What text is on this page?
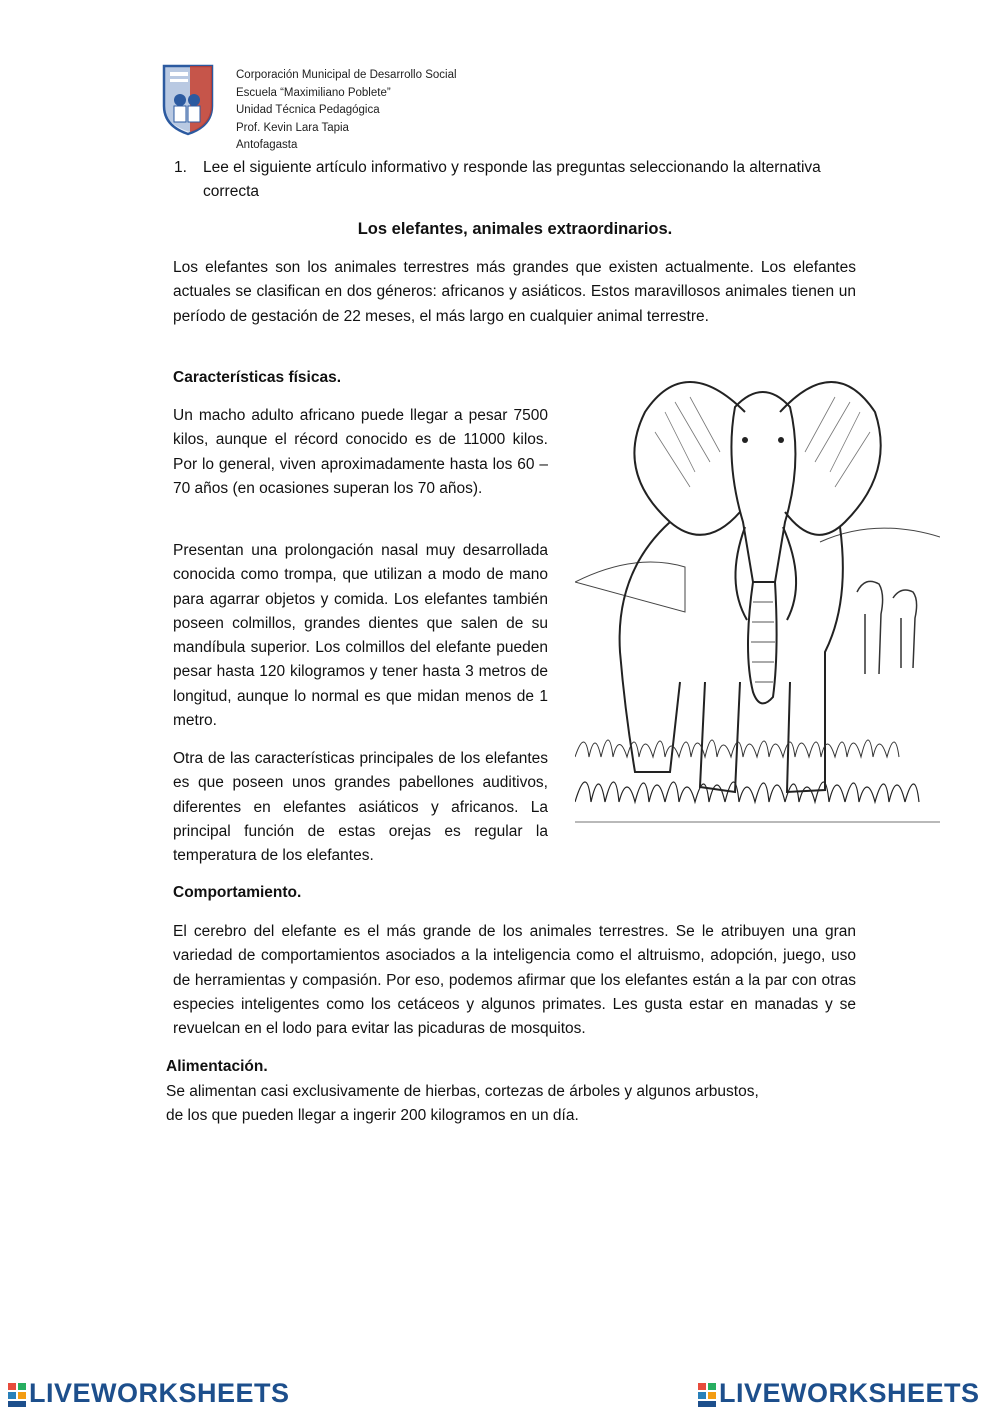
Corporación Municipal de Desarrollo Social
Escuela “Maximiliano Poblete”
Unidad Técnica Pedagógica
Prof. Kevin Lara Tapia
Antofagasta
1. Lee el siguiente artículo informativo y responde las preguntas seleccionando la alternativa correcta
Los elefantes, animales extraordinarios.
Los elefantes son los animales terrestres más grandes que existen actualmente. Los elefantes actuales se clasifican en dos géneros: africanos y asiáticos. Estos maravillosos animales tienen un período de gestación de 22 meses, el más largo en cualquier animal terrestre.
Características físicas.
Un macho adulto africano puede llegar a pesar 7500 kilos, aunque el récord conocido es de 11000 kilos. Por lo general, viven aproximadamente hasta los 60 – 70 años (en ocasiones superan los 70 años).
Presentan una prolongación nasal muy desarrollada conocida como trompa, que utilizan a modo de mano para agarrar objetos y comida. Los elefantes también poseen colmillos, grandes dientes que salen de su mandíbula superior. Los colmillos del elefante pueden pesar hasta 120 kilogramos y tener hasta 3 metros de longitud, aunque lo normal es que midan menos de 1 metro.
Otra de las características principales de los elefantes es que poseen unos grandes pabellones auditivos, diferentes en elefantes asiáticos y africanos. La principal función de estas orejas es regular la temperatura de los elefantes.
Comportamiento.
El cerebro del elefante es el más grande de los animales terrestres. Se le atribuyen una gran variedad de comportamientos asociados a la inteligencia como el altruismo, adopción, juego, uso de herramientas y compasión. Por eso, podemos afirmar que los elefantes están a la par con otras especies inteligentes como los cetáceos y algunos primates. Les gusta estar en manadas y se revuelcan en el lodo para evitar las picaduras de mosquitos.
Alimentación.
Se alimentan casi exclusivamente de hierbas, cortezas de árboles y algunos arbustos,
de los que pueden llegar a ingerir 200 kilogramos en un día.
LIVEWORKSHEETS	LIVEWORKSHEETS
